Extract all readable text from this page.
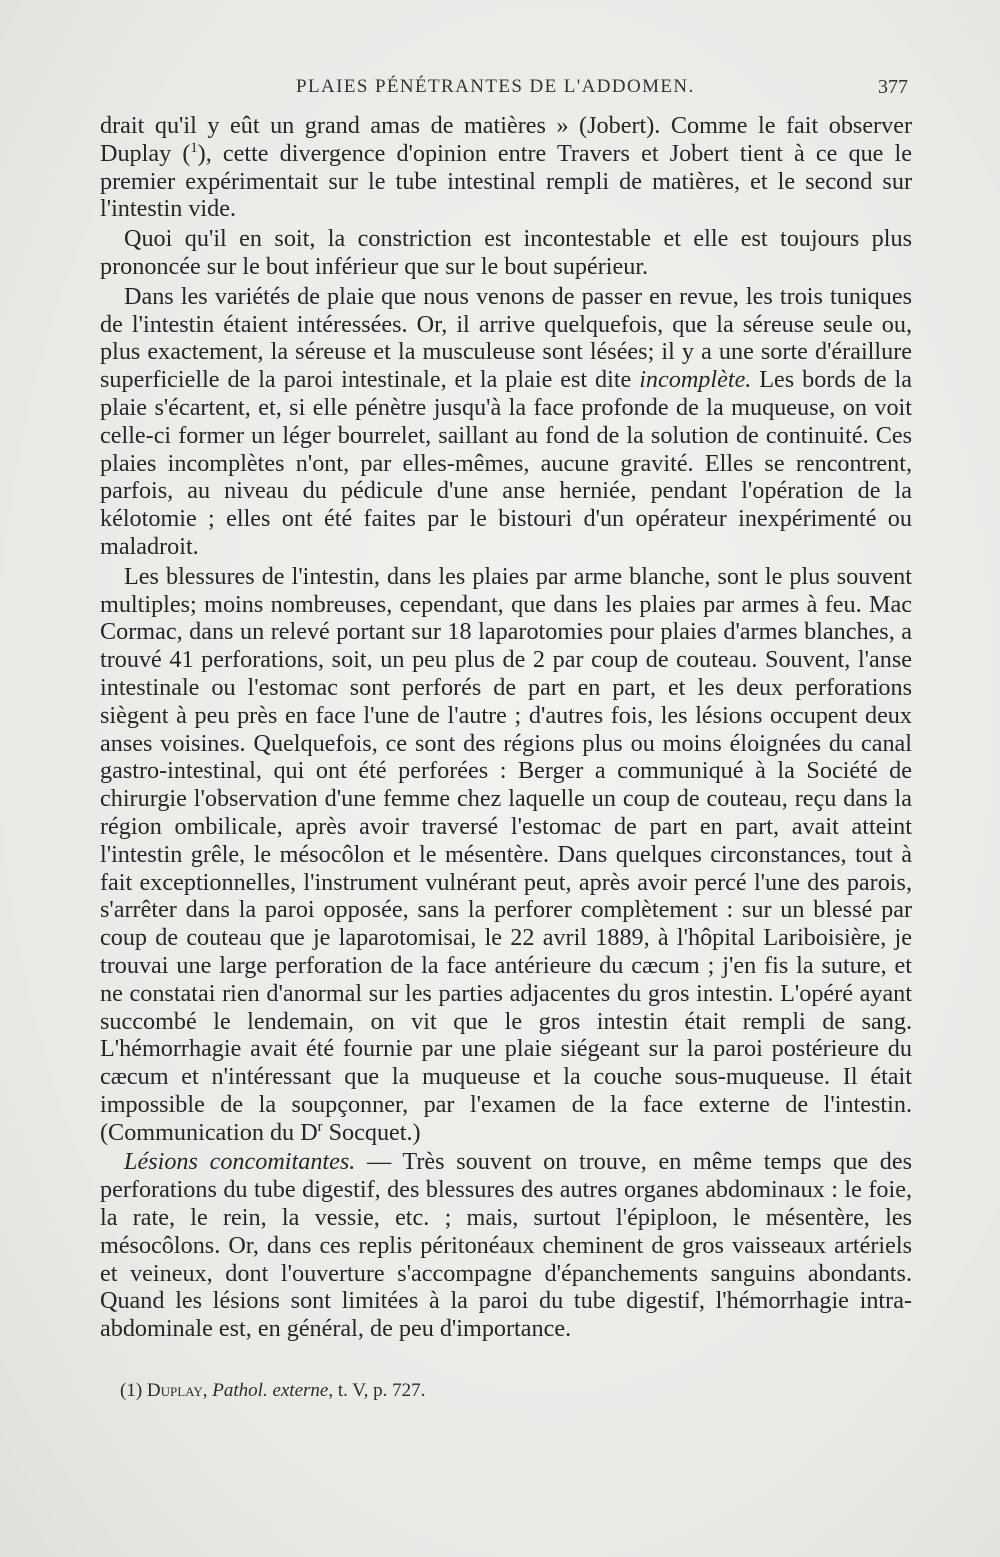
PLAIES PÉNÉTRANTES DE L'ADDOMEN.	377

drait qu'il y eût un grand amas de matières » (Jobert). Comme le fait observer Duplay ($^1$), cette divergence d'opinion entre Travers et Jobert tient à ce que le premier expérimentait sur le tube intestinal rempli de matières, et le second sur l'intestin vide.

Quoi qu'il en soit, la constriction est incontestable et elle est toujours plus prononcée sur le bout inférieur que sur le bout supérieur.

Dans les variétés de plaie que nous venons de passer en revue, les trois tuniques de l'intestin étaient intéressées. Or, il arrive quelquefois, que la séreuse seule ou, plus exactement, la séreuse et la musculeuse sont lésées; il y a une sorte d'éraillure superficielle de la paroi intestinale, et la plaie est dite incomplète. Les bords de la plaie s'écartent, et, si elle pénètre jusqu'à la face profonde de la muqueuse, on voit celle-ci former un léger bourrelet, saillant au fond de la solution de continuité. Ces plaies incomplètes n'ont, par elles-mêmes, aucune gravité. Elles se rencontrent, parfois, au niveau du pédicule d'une anse herniée, pendant l'opération de la kélotomie ; elles ont été faites par le bistouri d'un opérateur inexpérimenté ou maladroit.

Les blessures de l'intestin, dans les plaies par arme blanche, sont le plus souvent multiples; moins nombreuses, cependant, que dans les plaies par armes à feu. Mac Cormac, dans un relevé portant sur 18 laparotomies pour plaies d'armes blanches, a trouvé 41 perforations, soit, un peu plus de 2 par coup de couteau. Souvent, l'anse intestinale ou l'estomac sont perforés de part en part, et les deux perforations siègent à peu près en face l'une de l'autre ; d'autres fois, les lésions occupent deux anses voisines. Quelquefois, ce sont des régions plus ou moins éloignées du canal gastro-intestinal, qui ont été perforées : Berger a communiqué à la Société de chirurgie l'observation d'une femme chez laquelle un coup de couteau, reçu dans la région ombilicale, après avoir traversé l'estomac de part en part, avait atteint l'intestin grêle, le mésocôlon et le mésentère. Dans quelques circonstances, tout à fait exceptionnelles, l'instrument vulnérant peut, après avoir percé l'une des parois, s'arrêter dans la paroi opposée, sans la perforer complètement : sur un blessé par coup de couteau que je laparotomisai, le 22 avril 1889, à l'hôpital Lariboisière, je trouvai une large perforation de la face antérieure du cæcum ; j'en fis la suture, et ne constatai rien d'anormal sur les parties adjacentes du gros intestin. L'opéré ayant succombé le lendemain, on vit que le gros intestin était rempli de sang. L'hémorrhagie avait été fournie par une plaie siégeant sur la paroi postérieure du cæcum et n'intéressant que la muqueuse et la couche sous-muqueuse. Il était impossible de la soupçonner, par l'examen de la face externe de l'intestin. (Communication du $D^r$ Socquet.)

Lésions concomitantes. — Très souvent on trouve, en même temps que des perforations du tube digestif, des blessures des autres organes abdominaux : le foie, la rate, le rein, la vessie, etc. ; mais, surtout l'épiploon, le mésentère, les mésocôlons. Or, dans ces replis péritonéaux cheminent de gros vaisseaux artériels et veineux, dont l'ouverture s'accompagne d'épanchements sanguins abondants. Quand les lésions sont limitées à la paroi du tube digestif, l'hémorrhagie intra-abdominale est, en général, de peu d'importance.

(1) Duplay, Pathol. externe, t. V, p. 727.
